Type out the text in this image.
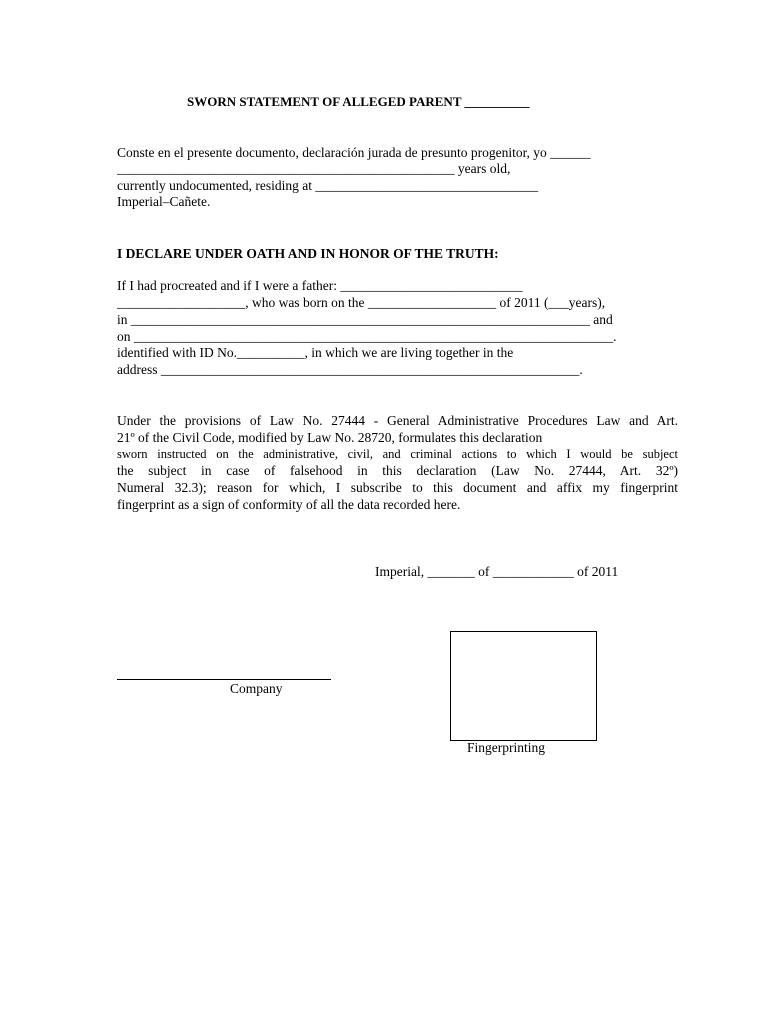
SWORN STATEMENT OF ALLEGED PARENT __________
Conste en el presente documento, declaración jurada de presunto progenitor, yo ______
__________________________________________________ years old,
currently undocumented, residing at _________________________________
Imperial–Cañete.
I DECLARE UNDER OATH AND IN HONOR OF THE TRUTH:
If I had procreated and if I were a father: ___________________________
___________________, who was born on the ___________________ of 2011 (___years),
in ____________________________________________________________________ and
on _______________________________________________________________________.
identified with ID No.__________, in which we are living together in the
address ______________________________________________________________.
Under the provisions of Law No. 27444 - General Administrative Procedures Law and Art.
21º of the Civil Code, modified by Law No. 28720, formulates this declaration
sworn instructed on the administrative, civil, and criminal actions to which I would be subject
the subject in case of falsehood in this declaration (Law No. 27444, Art. 32º)
Numeral 32.3); reason for which, I subscribe to this document and affix my fingerprint
fingerprint as a sign of conformity of all the data recorded here.
Imperial, _______ of ____________ of 2011
Company
Fingerprinting
